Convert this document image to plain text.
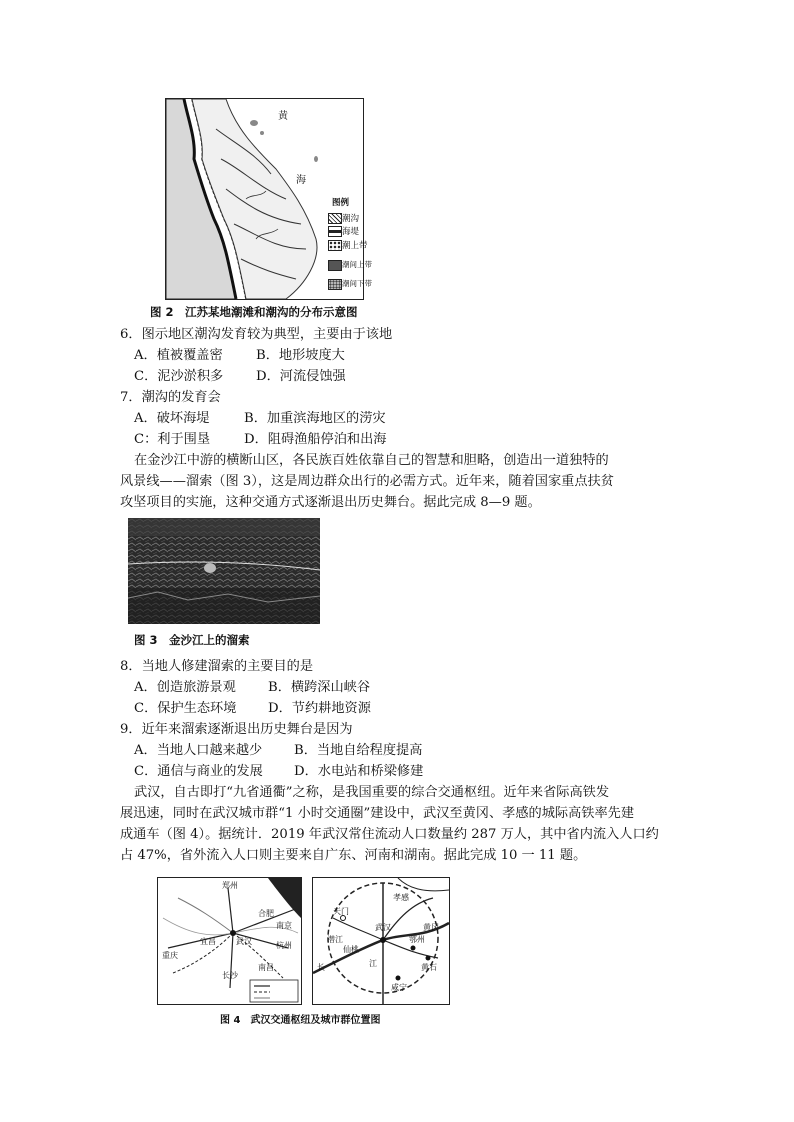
黄
海
图例
潮沟
海堤
潮上带
潮间上带
潮间下带
图 2　江苏某地潮滩和潮沟的分布示意图
6．图示地区潮沟发育较为典型，主要由于该地
A．植被覆盖密	B．地形坡度大
C．泥沙淤积多 D．河流侵蚀强
7．潮沟的发育会
A．破坏海堤	B．加重滨海地区的涝灾
C：利于围垦	D．阻碍渔船停泊和出海
在金沙江中游的横断山区，各民族百姓依靠自己的智慧和胆略，创造出一道独特的
风景线——溜索（图 3），这是周边群众出行的必需方式。近年来，随着国家重点扶贫
攻坚项目的实施，这种交通方式逐渐退出历史舞台。据此完成 8—9 题。
图 3　金沙江上的溜索
8．当地人修建溜索的主要目的是
A．创造旅游景观 B．横跨深山峡谷
C．保护生态环境 D．节约耕地资源
9．近年来溜索逐渐退出历史舞台是因为
A．当地人口越来越少 B．当地自给程度提高
C．通信与商业的发展 D．水电站和桥梁修建
武汉，自古即打“九省通衢”之称，是我国重要的综合交通枢纽。近年来省际高铁发
展迅速，同时在武汉城市群“1 小时交通圈”建设中，武汉至黄冈、孝感的城际高铁率先建
成通车（图 4）。据统计．2019 年武汉常住流动人口数量约 287 万人，其中省内流入人口约
占 47%，省外流入人口则主要来自广东、河南和湖南。据此完成 10 一 11 题。
郑州
南京
合肥
杭州
武汉
宜昌
长沙
南昌
重庆
孝感
天门
武汉
鄂州
黄石
潜江
仙桃
咸宁
黄冈
江
长
图 4　武汉交通枢纽及城市群位置图
